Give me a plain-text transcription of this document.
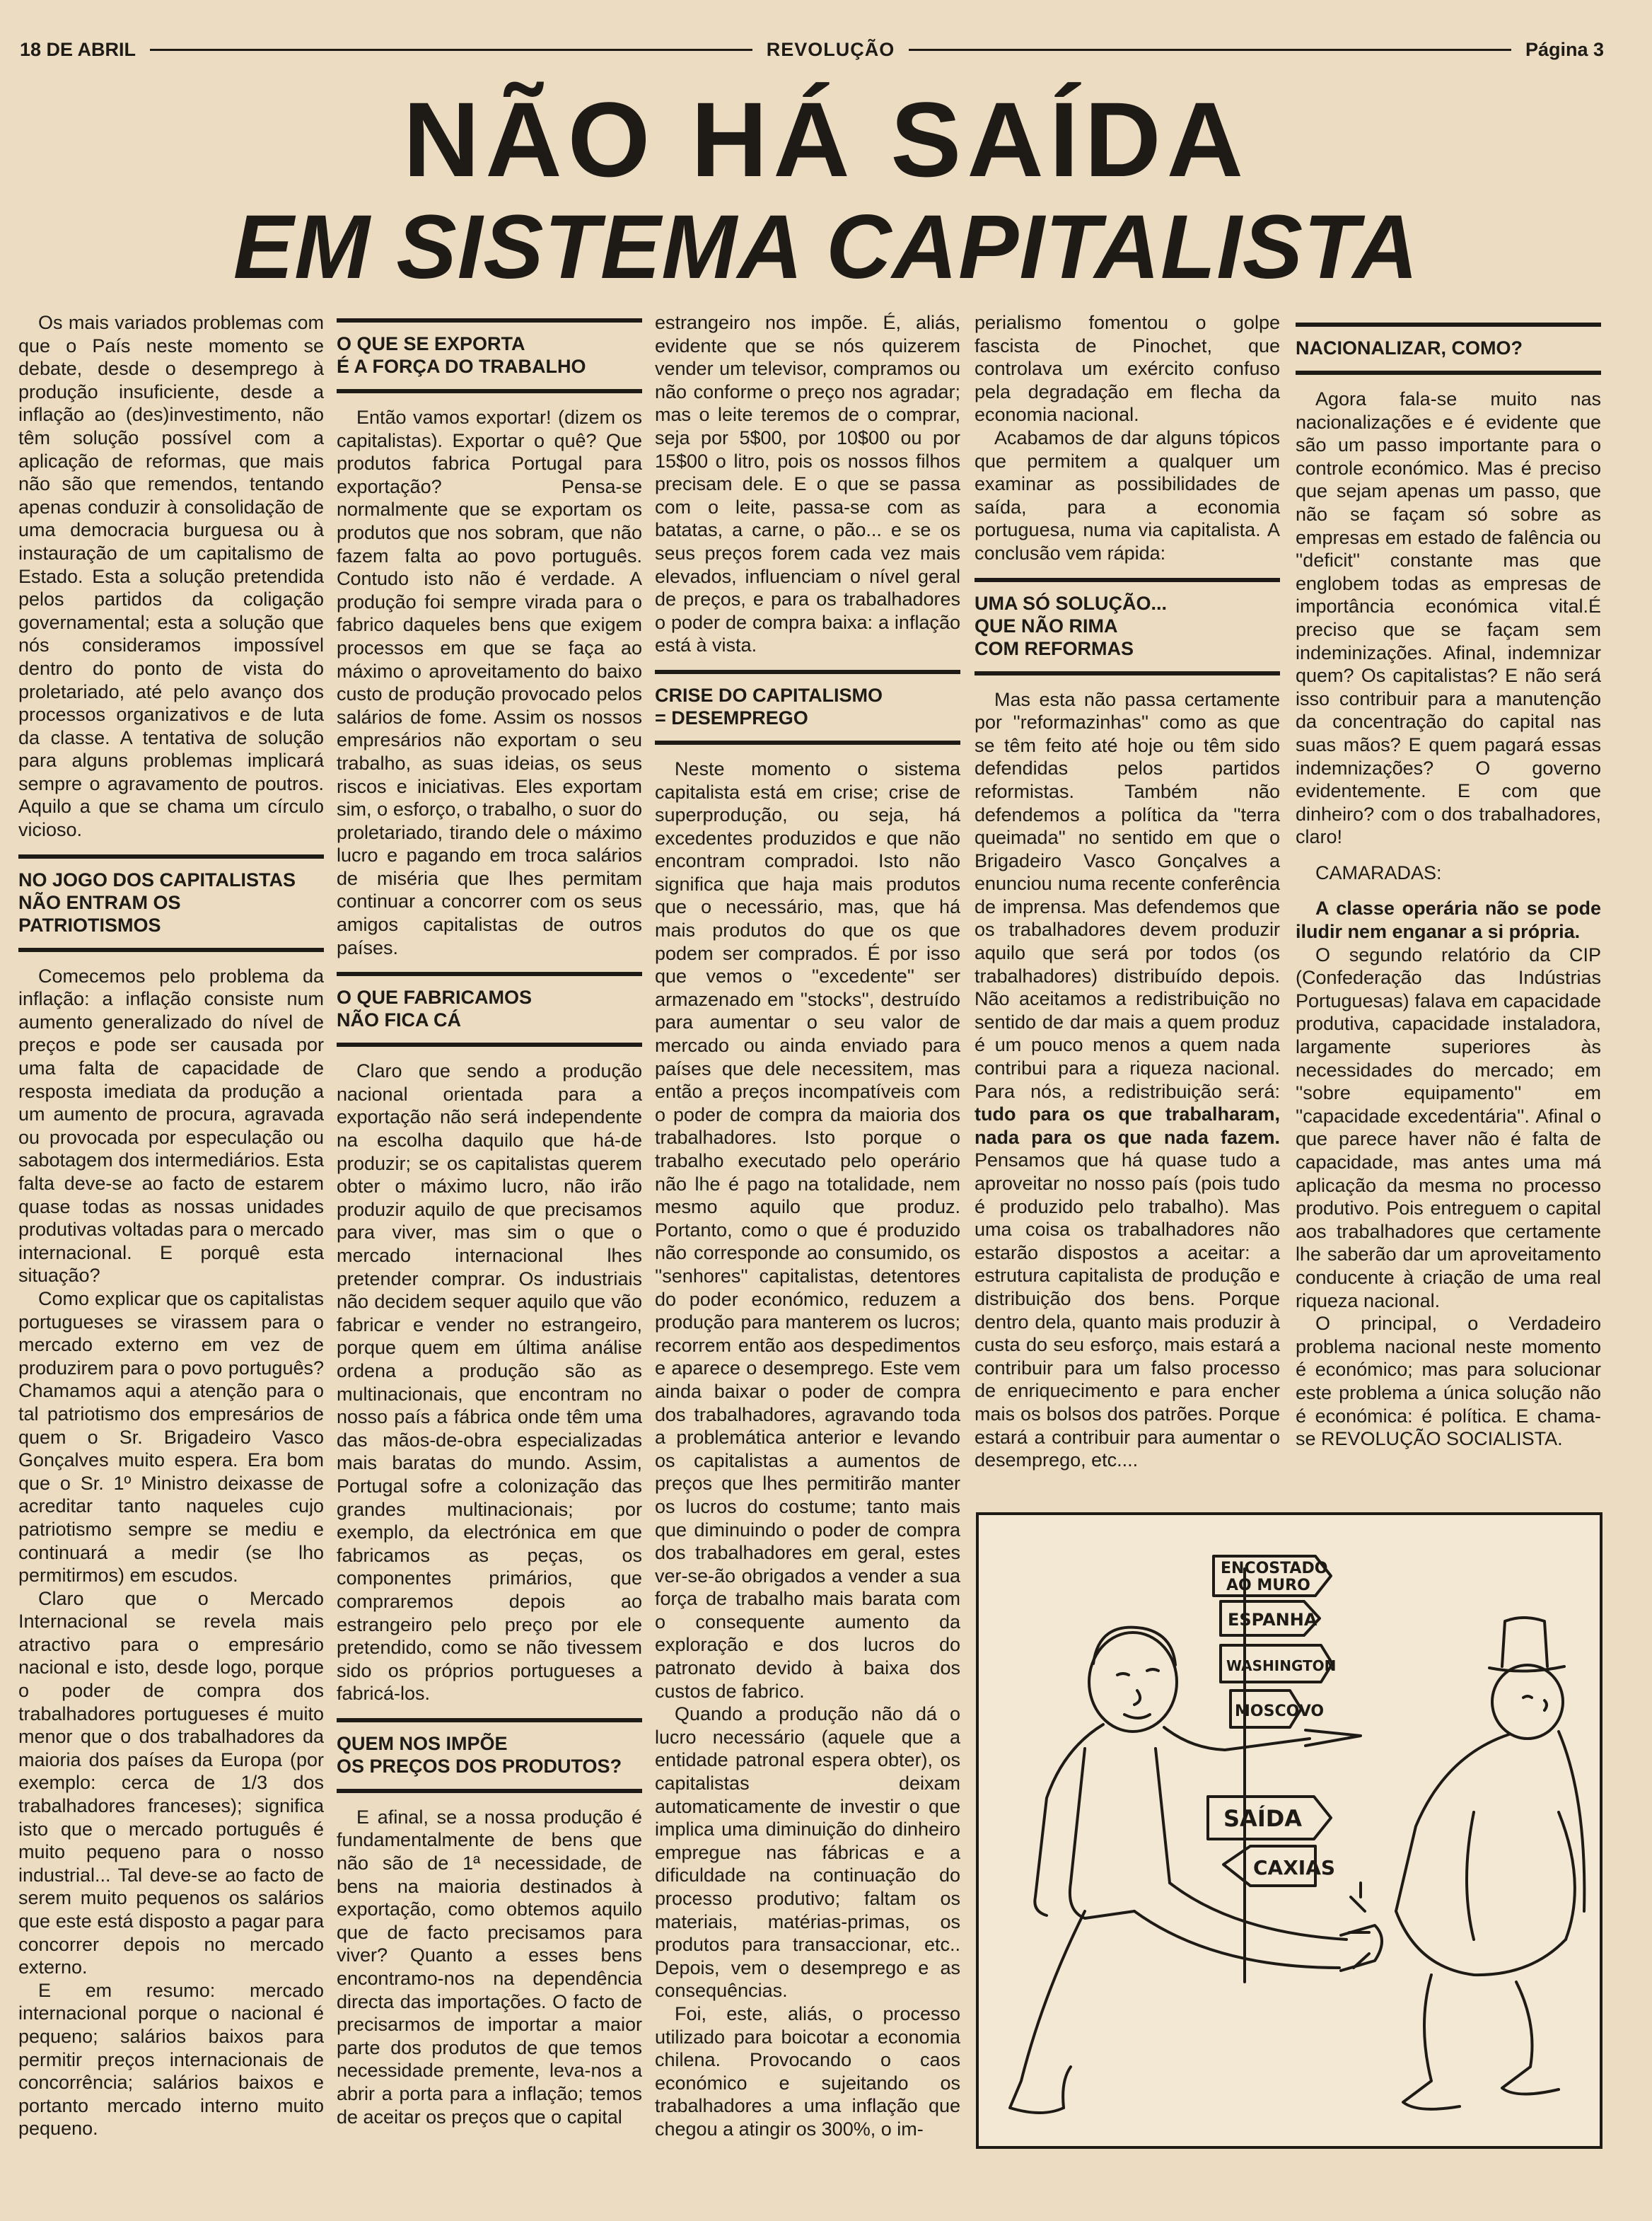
18 DE ABRIL	REVOLUÇÃO	Página 3
NÃO HÁ SAÍDA
EM SISTEMA CAPITALISTA

Os mais variados problemas com que o País neste momento se debate, desde o desemprego à produção insuficiente, desde a inflação ao (des)investimento, não têm solução possível com a aplicação de reformas, que mais não são que remendos, tentando apenas conduzir à consolidação de uma democracia burguesa ou à instauração de um capitalismo de Estado. Esta a solução pretendida pelos partidos da coligação governamental; esta a solução que nós consideramos impossível dentro do ponto de vista do proletariado, até pelo avanço dos processos organizativos e de luta da classe. A tentativa de solução para alguns problemas implicará sempre o agravamento de poutros. Aquilo a que se chama um círculo vicioso.

NO JOGO DOS CAPITALISTAS
NÃO ENTRAM OS PATRIOTISMOS

Comecemos pelo problema da inflação: a inflação consiste num aumento generalizado do nível de preços e pode ser causada por uma falta de capacidade de resposta imediata da produção a um aumento de procura, agravada ou provocada por especulação ou sabotagem dos intermediários. Esta falta deve-se ao facto de estarem quase todas as nossas unidades produtivas voltadas para o mercado internacional. E porquê esta situação?

Como explicar que os capitalistas portugueses se virassem para o mercado externo em vez de produzirem para o povo português? Chamamos aqui a atenção para o tal patriotismo dos empresários de quem o Sr. Brigadeiro Vasco Gonçalves muito espera. Era bom que o Sr. 1º Ministro deixasse de acreditar tanto naqueles cujo patriotismo sempre se mediu e continuará a medir (se lho permitirmos) em escudos.

Claro que o Mercado Internacional se revela mais atractivo para o empresário nacional e isto, desde logo, porque o poder de compra dos trabalhadores portugueses é muito menor que o dos trabalhadores da maioria dos países da Europa (por exemplo: cerca de 1/3 dos trabalhadores franceses); significa isto que o mercado português é muito pequeno para o nosso industrial... Tal deve-se ao facto de serem muito pequenos os salários que este está disposto a pagar para concorrer depois no mercado externo.

E em resumo: mercado internacional porque o nacional é pequeno; salários baixos para permitir preços internacionais de concorrência; salários baixos e portanto mercado interno muito pequeno.

O QUE SE EXPORTA
É A FORÇA DO TRABALHO

Então vamos exportar! (dizem os capitalistas). Exportar o quê? Que produtos fabrica Portugal para exportação? Pensa-se normalmente que se exportam os produtos que nos sobram, que não fazem falta ao povo português. Contudo isto não é verdade. A produção foi sempre virada para o fabrico daqueles bens que exigem processos em que se faça ao máximo o aproveitamento do baixo custo de produção provocado pelos salários de fome. Assim os nossos empresários não exportam o seu trabalho, as suas ideias, os seus riscos e iniciativas. Eles exportam sim, o esforço, o trabalho, o suor do proletariado, tirando dele o máximo lucro e pagando em troca salários de miséria que lhes permitam continuar a concorrer com os seus amigos capitalistas de outros países.

O QUE FABRICAMOS
NÃO FICA CÁ

Claro que sendo a produção nacional orientada para a exportação não será independente na escolha daquilo que há-de produzir; se os capitalistas querem obter o máximo lucro, não irão produzir aquilo de que precisamos para viver, mas sim o que o mercado internacional lhes pretender comprar. Os industriais não decidem sequer aquilo que vão fabricar e vender no estrangeiro, porque quem em última análise ordena a produção são as multinacionais, que encontram no nosso país a fábrica onde têm uma das mãos-de-obra especializadas mais baratas do mundo. Assim, Portugal sofre a colonização das grandes multinacionais; por exemplo, da electrónica em que fabricamos as peças, os componentes primários, que compraremos depois ao estrangeiro pelo preço por ele pretendido, como se não tivessem sido os próprios portugueses a fabricá-los.

QUEM NOS IMPÕE
OS PREÇOS DOS PRODUTOS?

E afinal, se a nossa produção é fundamentalmente de bens que não são de 1ª necessidade, de bens na maioria destinados à exportação, como obtemos aquilo que de facto precisamos para viver? Quanto a esses bens encontramo-nos na dependência directa das importações. O facto de precisarmos de importar a maior parte dos produtos de que temos necessidade premente, leva-nos a abrir a porta para a inflação; temos de aceitar os preços que o capital

estrangeiro nos impõe. É, aliás, evidente que se nós quizerem vender um televisor, compramos ou não conforme o preço nos agradar; mas o leite teremos de o comprar, seja por 5$00, por 10$00 ou por 15$00 o litro, pois os nossos filhos precisam dele. E o que se passa com o leite, passa-se com as batatas, a carne, o pão... e se os seus preços forem cada vez mais elevados, influenciam o nível geral de preços, e para os trabalhadores o poder de compra baixa: a inflação está à vista.

CRISE DO CAPITALISMO
= DESEMPREGO

Neste momento o sistema capitalista está em crise; crise de superprodução, ou seja, há excedentes produzidos e que não encontram compradoi. Isto não significa que haja mais produtos que o necessário, mas, que há mais produtos do que os que podem ser comprados. É por isso que vemos o ''excedente'' ser armazenado em ''stocks'', destruído para aumentar o seu valor de mercado ou ainda enviado para países que dele necessitem, mas então a preços incompatíveis com o poder de compra da maioria dos trabalhadores. Isto porque o trabalho executado pelo operário não lhe é pago na totalidade, nem mesmo aquilo que produz. Portanto, como o que é produzido não corresponde ao consumido, os ''senhores'' capitalistas, detentores do poder económico, reduzem a produção para manterem os lucros; recorrem então aos despedimentos e aparece o desemprego. Este vem ainda baixar o poder de compra dos trabalhadores, agravando toda a problemática anterior e levando os capitalistas a aumentos de preços que lhes permitirão manter os lucros do costume; tanto mais que diminuindo o poder de compra dos trabalhadores em geral, estes ver-se-ão obrigados a vender a sua força de trabalho mais barata com o consequente aumento da exploração e dos lucros do patronato devido à baixa dos custos de fabrico.

Quando a produção não dá o lucro necessário (aquele que a entidade patronal espera obter), os capitalistas deixam automaticamente de investir o que implica uma diminuição do dinheiro empregue nas fábricas e a dificuldade na continuação do processo produtivo; faltam os materiais, matérias-primas, os produtos para transaccionar, etc.. Depois, vem o desemprego e as consequências.

Foi, este, aliás, o processo utilizado para boicotar a economia chilena. Provocando o caos económico e sujeitando os trabalhadores a uma inflação que chegou a atingir os 300%, o im-

perialismo fomentou o golpe fascista de Pinochet, que controlava um exército confuso pela degradação em flecha da economia nacional.

Acabamos de dar alguns tópicos que permitem a qualquer um examinar as possibilidades de saída, para a economia portuguesa, numa via capitalista. A conclusão vem rápida:

UMA SÓ SOLUÇÃO...
QUE NÃO RIMA
COM REFORMAS

Mas esta não passa certamente por ''reformazinhas'' como as que se têm feito até hoje ou têm sido defendidas pelos partidos reformistas. Também não defendemos a política da ''terra queimada'' no sentido em que o Brigadeiro Vasco Gonçalves a enunciou numa recente conferência de imprensa. Mas defendemos que os trabalhadores devem produzir aquilo que será por todos (os trabalhadores) distribuído depois. Não aceitamos a redistribuição no sentido de dar mais a quem produz é um pouco menos a quem nada contribui para a riqueza nacional. Para nós, a redistribuição será: tudo para os que trabalharam, nada para os que nada fazem. Pensamos que há quase tudo a aproveitar no nosso país (pois tudo é produzido pelo trabalho). Mas uma coisa os trabalhadores não estarão dispostos a aceitar: a estrutura capitalista de produção e distribuição dos bens. Porque dentro dela, quanto mais produzir à custa do seu esforço, mais estará a contribuir para um falso processo de enriquecimento e para encher mais os bolsos dos patrões. Porque estará a contribuir para aumentar o desemprego, etc....

NACIONALIZAR, COMO?

Agora fala-se muito nas nacionalizações e é evidente que são um passo importante para o controle económico. Mas é preciso que sejam apenas um passo, que não se façam só sobre as empresas em estado de falência ou ''deficit'' constante mas que englobem todas as empresas de importância económica vital.É preciso que se façam sem indeminizações. Afinal, indemnizar quem? Os capitalistas? E não será isso contribuir para a manutenção da concentração do capital nas suas mãos? E quem pagará essas indemnizações? O governo evidentemente. E com que dinheiro? com o dos trabalhadores, claro!

CAMARADAS:

A classe operária não se pode iludir nem enganar a si própria.

O segundo relatório da CIP (Confederação das Indústrias Portuguesas) falava em capacidade produtiva, capacidade instaladora, largamente superiores às necessidades do mercado; em ''sobre equipamento'' em ''capacidade excedentária''. Afinal o que parece haver não é falta de capacidade, mas antes uma má aplicação da mesma no processo produtivo. Pois entreguem o capital aos trabalhadores que certamente lhe saberão dar um aproveitamento conducente à criação de uma real riqueza nacional.

O principal, o Verdadeiro problema nacional neste momento é económico; mas para solucionar este problema a única solução não é económica: é política. E chama-se REVOLUÇÃO SOCIALISTA.

ENCOSTADO
AO MURO
ESPANHA
WASHINGTON
MOSCOVO
SAÍDA
CAXIAS
